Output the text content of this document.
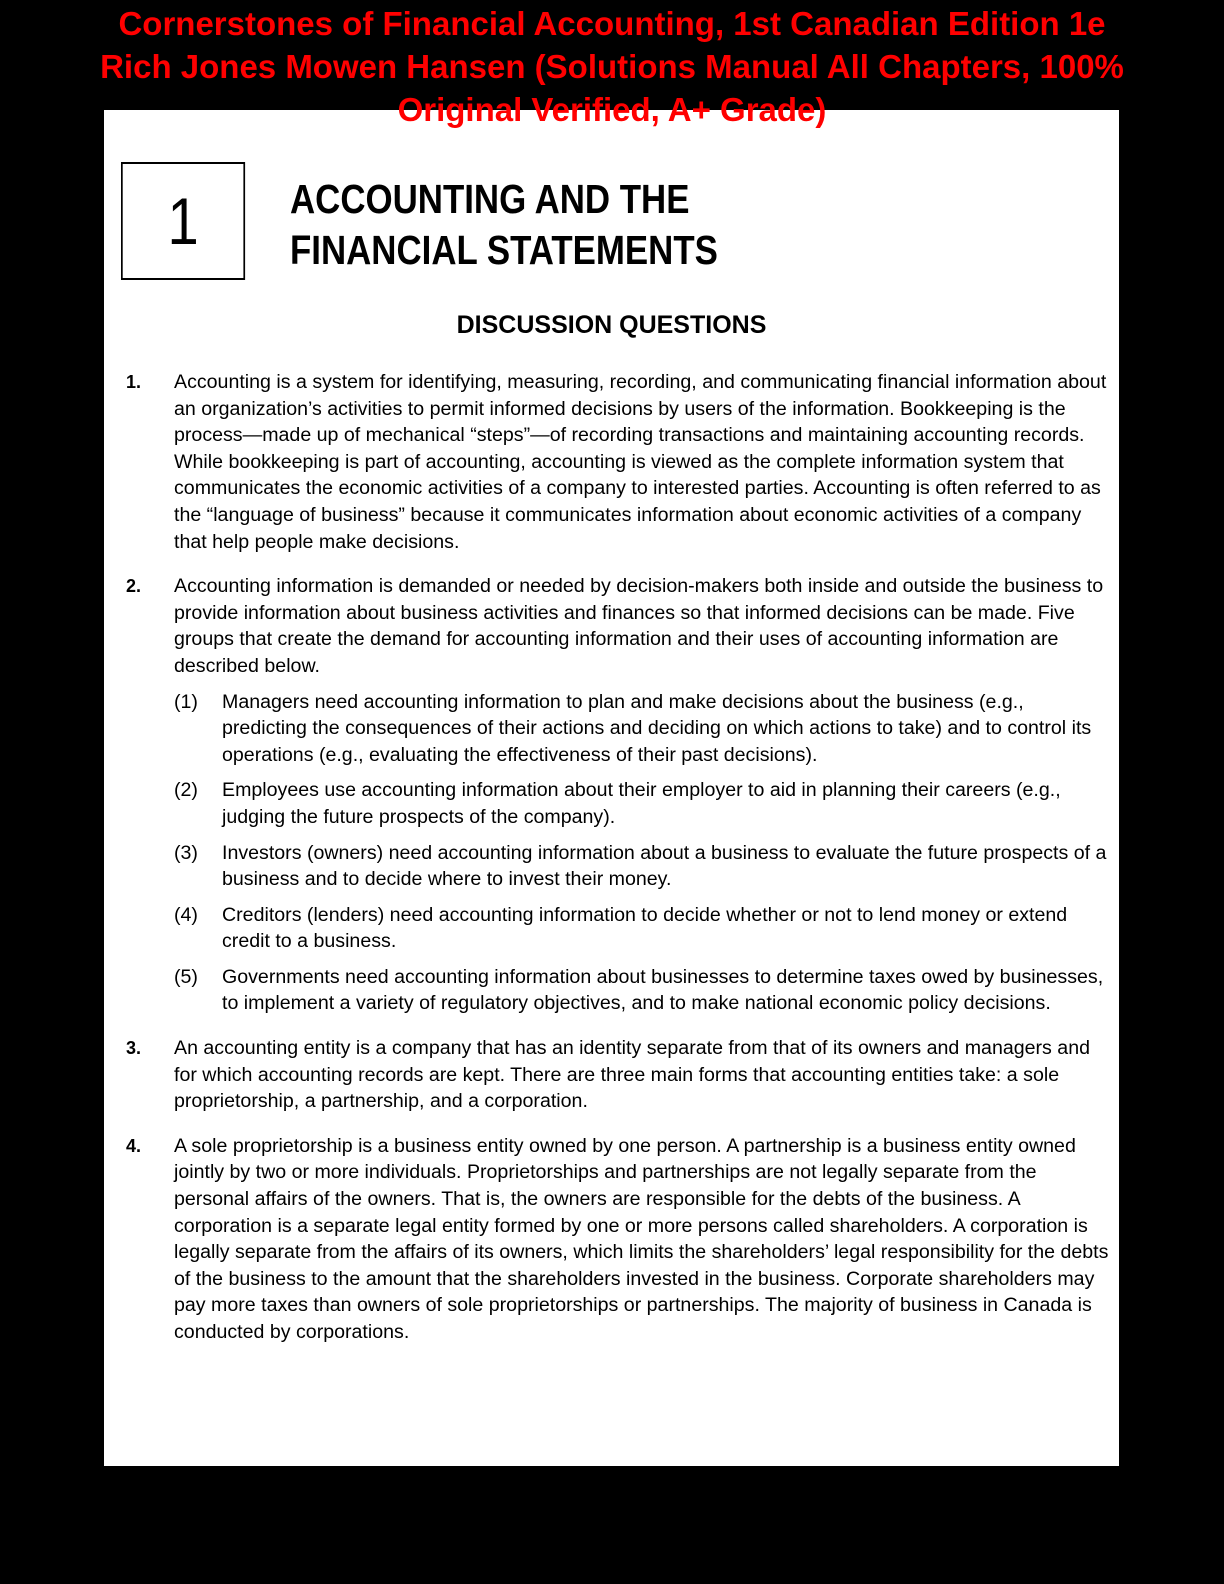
Cornerstones of Financial Accounting, 1st Canadian Edition 1e
Rich Jones Mowen Hansen (Solutions Manual All Chapters, 100%
Original Verified, A+ Grade)
1 ACCOUNTING AND THE
FINANCIAL STATEMENTS
DISCUSSION QUESTIONS
1. Accounting is a system for identifying, measuring, recording, and communicating financial information about an organization’s activities to permit informed decisions by users of the information. Bookkeeping is the process—made up of mechanical “steps”—of recording transactions and maintaining accounting records. While bookkeeping is part of accounting, accounting is viewed as the complete information system that communicates the economic activities of a company to interested parties. Accounting is often referred to as the “language of business” because it communicates information about economic activities of a company that help people make decisions.
2. Accounting information is demanded or needed by decision-makers both inside and outside the business to provide information about business activities and finances so that informed decisions can be made. Five groups that create the demand for accounting information and their uses of accounting information are described below.
(1) Managers need accounting information to plan and make decisions about the business (e.g., predicting the consequences of their actions and deciding on which actions to take) and to control its operations (e.g., evaluating the effectiveness of their past decisions).
(2) Employees use accounting information about their employer to aid in planning their careers (e.g., judging the future prospects of the company).
(3) Investors (owners) need accounting information about a business to evaluate the future prospects of a business and to decide where to invest their money.
(4) Creditors (lenders) need accounting information to decide whether or not to lend money or extend credit to a business.
(5) Governments need accounting information about businesses to determine taxes owed by businesses, to implement a variety of regulatory objectives, and to make national economic policy decisions.
3. An accounting entity is a company that has an identity separate from that of its owners and managers and for which accounting records are kept. There are three main forms that accounting entities take: a sole proprietorship, a partnership, and a corporation.
4. A sole proprietorship is a business entity owned by one person. A partnership is a business entity owned jointly by two or more individuals. Proprietorships and partnerships are not legally separate from the personal affairs of the owners. That is, the owners are responsible for the debts of the business. A corporation is a separate legal entity formed by one or more persons called shareholders. A corporation is legally separate from the affairs of its owners, which limits the shareholders’ legal responsibility for the debts of the business to the amount that the shareholders invested in the business. Corporate shareholders may pay more taxes than owners of sole proprietorships or partnerships. The majority of business in Canada is conducted by corporations.
